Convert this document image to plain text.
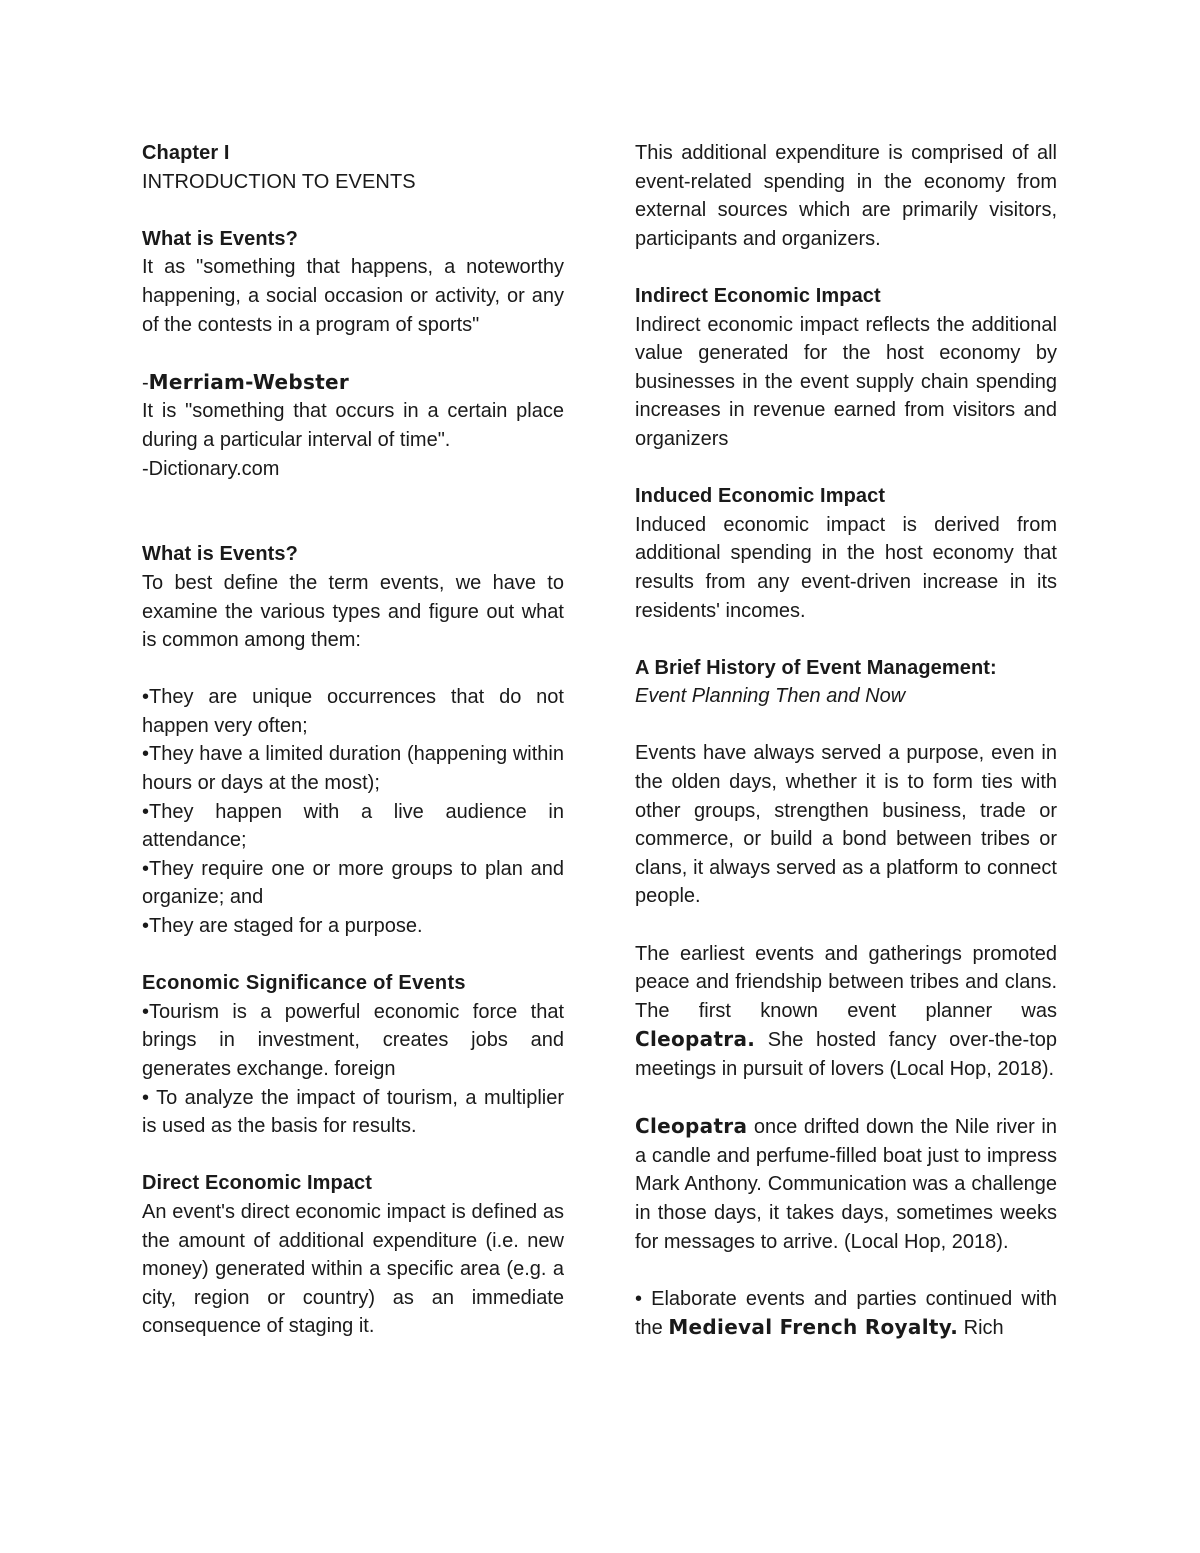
Chapter I
INTRODUCTION TO EVENTS
What is Events?

It as "something that happens, a noteworthy happening, a social occasion or activity, or any of the contests in a program of sports"

-Merriam-Webster

It is "something that occurs in a certain place during a particular interval of time".

-Dictionary.com

What is Events?

To best define the term events, we have to examine the various types and figure out what is common among them:

• They are unique occurrences that do not happen very often;
• They have a limited duration (happening within hours or days at the most);
• They happen with a live audience in attendance;
• They require one or more groups to plan and organize; and
• They are staged for a purpose.
Economic Significance of Events

•Tourism is a powerful economic force that brings in investment, creates jobs and generates exchange. foreign

• To analyze the impact of tourism, a multiplier is used as the basis for results.

Direct Economic Impact

An event's direct economic impact is defined as the amount of additional expenditure (i.e. new money) generated within a specific area (e.g. a city, region or country) as an immediate consequence of staging it.

This additional expenditure is comprised of all event-related spending in the economy from external sources which are primarily visitors, participants and organizers.

Indirect Economic Impact

Indirect economic impact reflects the additional value generated for the host economy by businesses in the event supply chain spending increases in revenue earned from visitors and organizers

Induced Economic Impact

Induced economic impact is derived from additional spending in the host economy that results from any event-driven increase in its residents' incomes.

A Brief History of Event Management:

Event Planning Then and Now

Events have always served a purpose, even in the olden days, whether it is to form ties with other groups, strengthen business, trade or commerce, or build a bond between tribes or clans, it always served as a platform to connect people.

The earliest events and gatherings promoted peace and friendship between tribes and clans. The first known event planner was Cleopatra. She hosted fancy over-the-top meetings in pursuit of lovers (Local Hop, 2018).

Cleopatra once drifted down the Nile river in a candle and perfume-filled boat just to impress Mark Anthony. Communication was a challenge in those days, it takes days, sometimes weeks for messages to arrive. (Local Hop, 2018).

• Elaborate events and parties continued with the Medieval French Royalty. Rich
